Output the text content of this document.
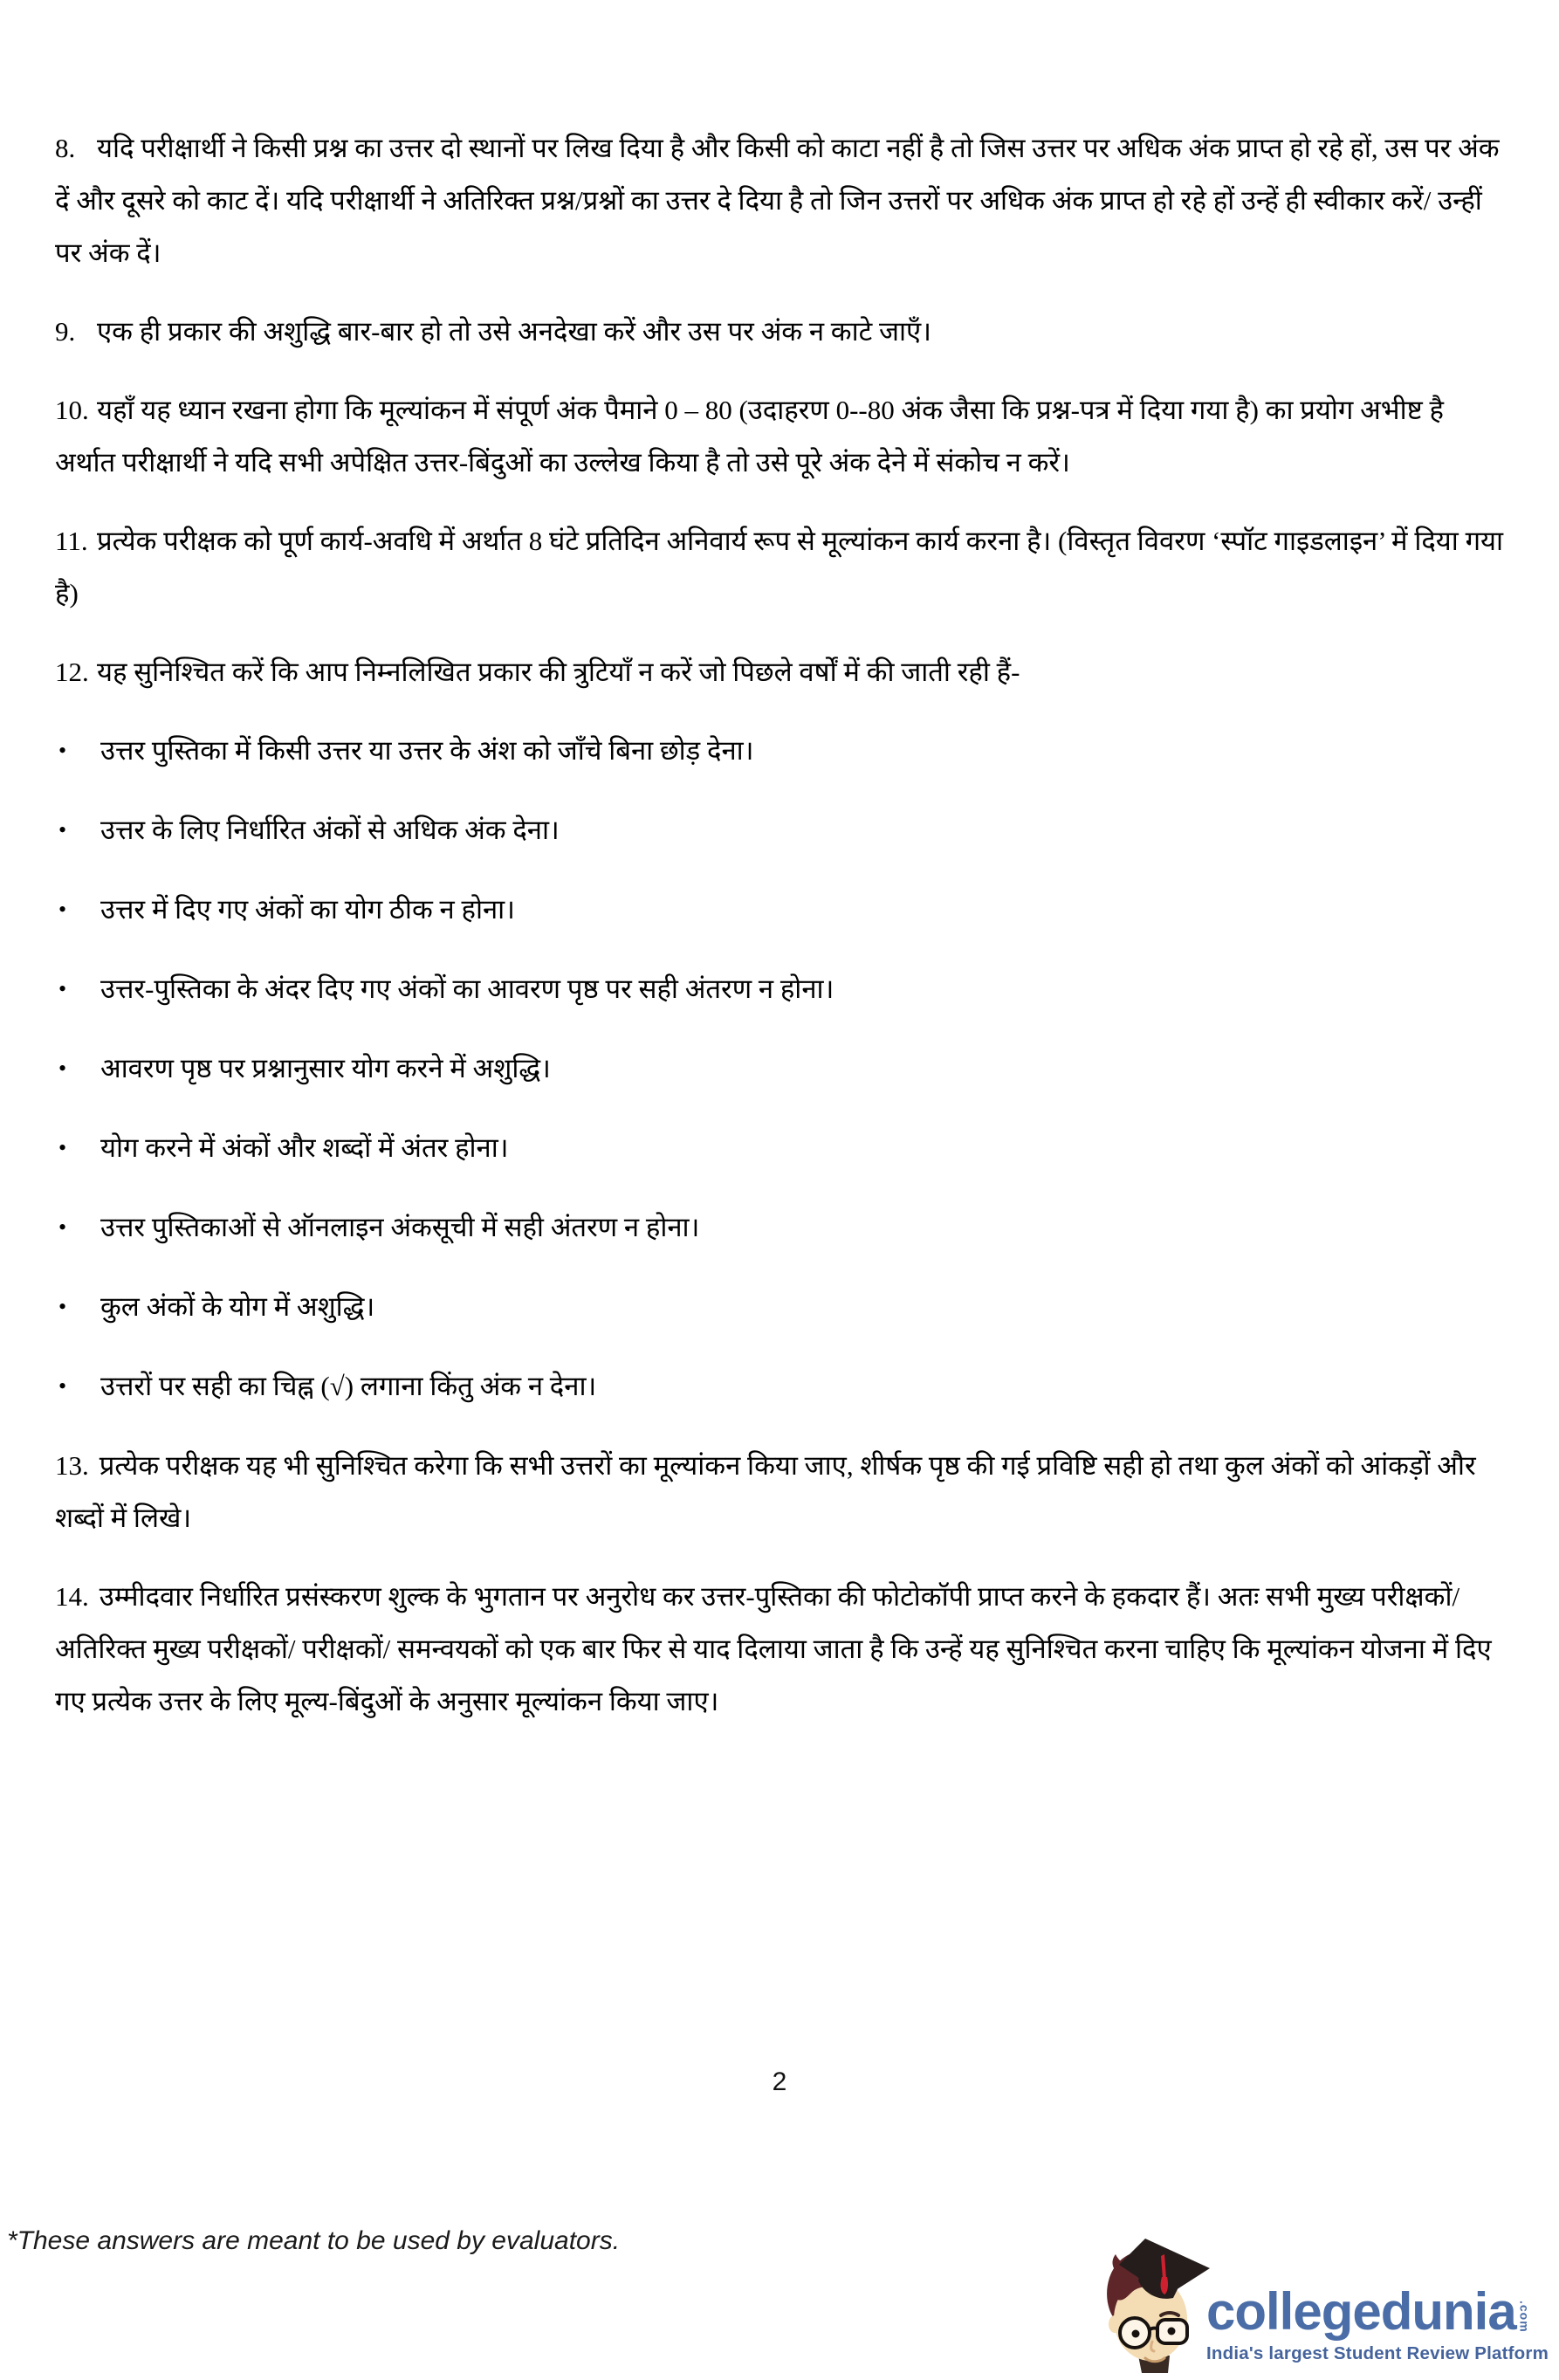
8. यदि परीक्षार्थी ने किसी प्रश्न का उत्तर दो स्थानों पर लिख दिया है और किसी को काटा नहीं है तो जिस उत्तर पर अधिक अंक प्राप्त हो रहे हों, उस पर अंक दें और दूसरे को काट दें। यदि परीक्षार्थी ने अतिरिक्त प्रश्न/प्रश्नों का उत्तर दे दिया है तो जिन उत्तरों पर अधिक अंक प्राप्त हो रहे हों उन्हें ही स्वीकार करें/ उन्हीं पर अंक दें।

9. एक ही प्रकार की अशुद्धि बार-बार हो तो उसे अनदेखा करें और उस पर अंक न काटे जाएँ।

10. यहाँ यह ध्यान रखना होगा कि मूल्यांकन में संपूर्ण अंक पैमाने 0 – 80 (उदाहरण 0--80 अंक जैसा कि प्रश्न-पत्र में दिया गया है) का प्रयोग अभीष्ट है अर्थात परीक्षार्थी ने यदि सभी अपेक्षित उत्तर-बिंदुओं का उल्लेख किया है तो उसे पूरे अंक देने में संकोच न करें।

11. प्रत्येक परीक्षक को पूर्ण कार्य-अवधि में अर्थात 8 घंटे प्रतिदिन अनिवार्य रूप से मूल्यांकन कार्य करना है। (विस्तृत विवरण ‘स्पॉट गाइडलाइन’ में दिया गया है)

12. यह सुनिश्चित करें कि आप निम्नलिखित प्रकार की त्रुटियाँ न करें जो पिछले वर्षों में की जाती रही हैं-

•	उत्तर पुस्तिका में किसी उत्तर या उत्तर के अंश को जाँचे बिना छोड़ देना।
•	उत्तर के लिए निर्धारित अंकों से अधिक अंक देना।
•	उत्तर में दिए गए अंकों का योग ठीक न होना।
•	उत्तर-पुस्तिका के अंदर दिए गए अंकों का आवरण पृष्ठ पर सही अंतरण न होना।
•	आवरण पृष्ठ पर प्रश्नानुसार योग करने में अशुद्धि।
•	योग करने में अंकों और शब्दों में अंतर होना।
•	उत्तर पुस्तिकाओं से ऑनलाइन अंकसूची में सही अंतरण न होना।
•	कुल अंकों के योग में अशुद्धि।
•	उत्तरों पर सही का चिह्न (√) लगाना किंतु अंक न देना।

13. प्रत्येक परीक्षक यह भी सुनिश्चित करेगा कि सभी उत्तरों का मूल्यांकन किया जाए, शीर्षक पृष्ठ की गई प्रविष्टि सही हो तथा कुल अंकों को आंकड़ों और शब्दों में लिखे।

14. उम्मीदवार निर्धारित प्रसंस्करण शुल्क के भुगतान पर अनुरोध कर उत्तर-पुस्तिका की फोटोकॉपी प्राप्त करने के हकदार हैं। अतः सभी मुख्य परीक्षकों/ अतिरिक्त मुख्य परीक्षकों/ परीक्षकों/ समन्वयकों को एक बार फिर से याद दिलाया जाता है कि उन्हें यह सुनिश्चित करना चाहिए कि मूल्यांकन योजना में दिए गए प्रत्येक उत्तर के लिए मूल्य-बिंदुओं के अनुसार मूल्यांकन किया जाए।

2
*These answers are meant to be used by evaluators.
collegedunia .com
India's largest Student Review Platform
